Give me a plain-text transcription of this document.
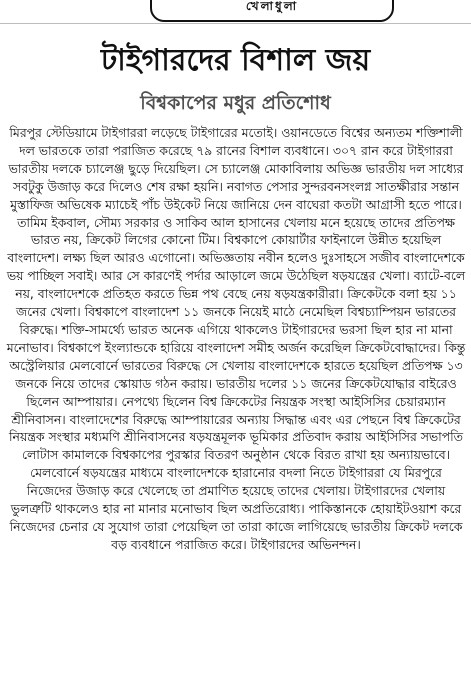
খেলাধুলা
টাইগারদের বিশাল জয়
বিশ্বকাপের মধুর প্রতিশোধ

মিরপুর স্টেডিয়ামে টাইগাররা লড়েছে টাইগারের মতোই। ওয়ানডেতে বিশ্বের অন্যতম শক্তিশালী দল ভারতকে তারা পরাজিত করেছে ৭৯ রানের বিশাল ব্যবধানে। ৩০৭ রান করে টাইগাররা ভারতীয় দলকে চ্যালেঞ্জ ছুড়ে দিয়েছিল। সে চ্যালেঞ্জ মোকাবিলায় অভিজ্ঞ ভারতীয় দল সাধ্যের সবটুকু উজাড় করে দিলেও শেষ রক্ষা হয়নি। নবাগত পেসার সুন্দরবনসংলগ্ন সাতক্ষীরার সন্তান মুস্তাফিজ অভিষেক ম্যাচেই পাঁচ উইকেট নিয়ে জানিয়ে দেন বাঘেরা কতটা আগ্রাসী হতে পারে। তামিম ইকবাল, সৌম্য সরকার ও সাকিব আল হাসানের খেলায় মনে হয়েছে তাদের প্রতিপক্ষ ভারত নয়, ক্রিকেট লিগের কোনো টিম। বিশ্বকাপে কোয়ার্টার ফাইনালে উন্নীত হয়েছিল বাংলাদেশ। লক্ষ্য ছিল আরও এগোনো। অভিজ্ঞতায় নবীন হলেও দুঃসাহসে সজীব বাংলাদেশকে ভয় পাচ্ছিল সবাই। আর সে কারণেই পর্দার আড়ালে জমে উঠেছিল ষড়যন্ত্রের খেলা। ব্যাটে-বলে নয়, বাংলাদেশকে প্রতিহত করতে ভিন্ন পথ বেছে নেয় ষড়যন্ত্রকারীরা। ক্রিকেটকে বলা হয় ১১ জনের খেলা। বিশ্বকাপে বাংলাদেশ ১১ জনকে নিয়েই মাঠে নেমেছিল বিশ্বচ্যাম্পিয়ন ভারতের বিরুদ্ধে। শক্তি-সামর্থ্যে ভারত অনেক এগিয়ে থাকলেও টাইগারদের ভরসা ছিল হার না মানা মনোভাব। বিশ্বকাপে ইংল্যান্ডকে হারিয়ে বাংলাদেশ সমীহ অর্জন করেছিল ক্রিকেটবোদ্ধাদের। কিন্তু অস্ট্রেলিয়ার মেলবোর্নে ভারতের বিরুদ্ধে সে খেলায় বাংলাদেশকে হারতে হয়েছিল প্রতিপক্ষ ১৩ জনকে নিয়ে তাদের স্কোয়াড গঠন করায়। ভারতীয় দলের ১১ জনের ক্রিকেটযোদ্ধার বাইরেও ছিলেন আম্পায়ার। নেপথ্যে ছিলেন বিশ্ব ক্রিকেটের নিয়ন্ত্রক সংস্থা আইসিসির চেয়ারম্যান শ্রীনিবাসন। বাংলাদেশের বিরুদ্ধে আম্পায়ারের অন্যায় সিদ্ধান্ত এবং এর পেছনে বিশ্ব ক্রিকেটের নিয়ন্ত্রক সংস্থার মধ্যমণি শ্রীনিবাসনের ষড়যন্ত্রমূলক ভূমিকার প্রতিবাদ করায় আইসিসির সভাপতি লোটাস কামালকে বিশ্বকাপের পুরস্কার বিতরণ অনুষ্ঠান থেকে বিরত রাখা হয় অন্যায়ভাবে। মেলবোর্নে ষড়যন্ত্রের মাধ্যমে বাংলাদেশকে হারানোর বদলা নিতে টাইগাররা যে মিরপুরে নিজেদের উজাড় করে খেলেছে তা প্রমাণিত হয়েছে তাদের খেলায়। টাইগারদের খেলায় ভুলত্রুটি থাকলেও হার না মানার মনোভাব ছিল অপ্রতিরোধ্য। পাকিস্তানকে হোয়াইটওয়াশ করে নিজেদের চেনার যে সুযোগ তারা পেয়েছিল তা তারা কাজে লাগিয়েছে ভারতীয় ক্রিকেট দলকে বড় ব্যবধানে পরাজিত করে। টাইগারদের অভিনন্দন।
